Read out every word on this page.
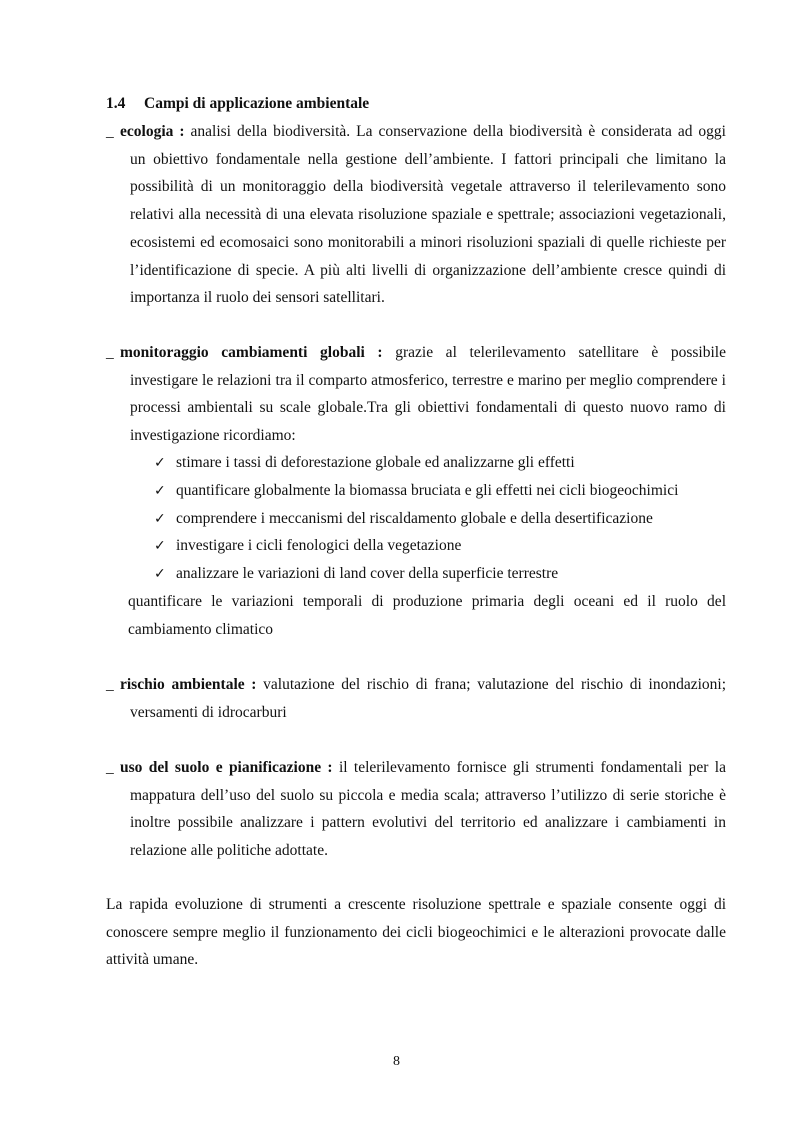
1.4 Campi di applicazione ambientale
_ ecologia : analisi della biodiversità. La conservazione della biodiversità è considerata ad oggi
un obiettivo fondamentale nella gestione dell’ambiente. I fattori principali che limitano la possibilità di un monitoraggio della biodiversità vegetale attraverso il telerilevamento sono relativi alla necessità di una elevata risoluzione spaziale e spettrale; associazioni vegetazionali, ecosistemi ed ecomosaici sono monitorabili a minori risoluzioni spaziali di quelle richieste per l’identificazione di specie. A più alti livelli di organizzazione dell’ambiente cresce quindi di importanza il ruolo dei sensori satellitari.
_ monitoraggio cambiamenti globali : grazie al telerilevamento satellitare è possibile
investigare le relazioni tra il comparto atmosferico, terrestre e marino per meglio comprendere i processi ambientali su scale globale.Tra gli obiettivi fondamentali di questo nuovo ramo di investigazione ricordiamo:
✓ stimare i tassi di deforestazione globale ed analizzarne gli effetti
✓ quantificare globalmente la biomassa bruciata e gli effetti nei cicli biogeochimici
✓ comprendere i meccanismi del riscaldamento globale e della desertificazione
✓ investigare i cicli fenologici della vegetazione
✓ analizzare le variazioni di land cover della superficie terrestre
quantificare le variazioni temporali di produzione primaria degli oceani ed il ruolo del cambiamento climatico
_ rischio ambientale : valutazione del rischio di frana; valutazione del rischio di inondazioni;
versamenti di idrocarburi
_ uso del suolo e pianificazione : il telerilevamento fornisce gli strumenti fondamentali per la
mappatura dell’uso del suolo su piccola e media scala; attraverso l’utilizzo di serie storiche è inoltre possibile analizzare i pattern evolutivi del territorio ed analizzare i cambiamenti in relazione alle politiche adottate.
La rapida evoluzione di strumenti a crescente risoluzione spettrale e spaziale consente oggi di conoscere sempre meglio il funzionamento dei cicli biogeochimici e le alterazioni provocate dalle attività umane.
8
